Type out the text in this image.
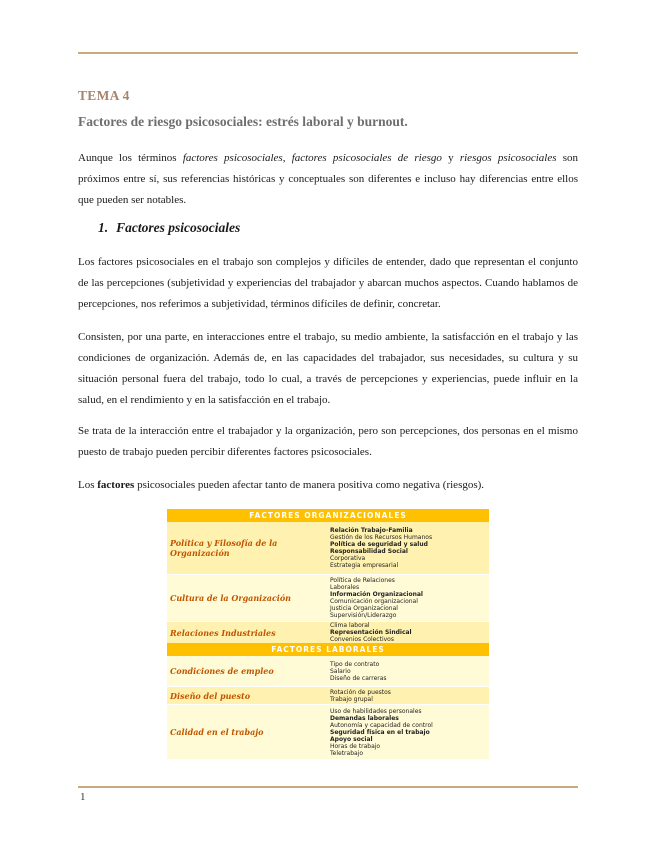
TEMA 4
Factores de riesgo psicosociales: estrés laboral y burnout.

Aunque los términos factores psicosociales, factores psicosociales de riesgo y riesgos psicosociales son próximos entre sí, sus referencias históricas y conceptuales son diferentes e incluso hay diferencias entre ellos que pueden ser notables.

1. Factores psicosociales

Los factores psicosociales en el trabajo son complejos y difíciles de entender, dado que representan el conjunto de las percepciones (subjetividad y experiencias del trabajador y abarcan muchos aspectos. Cuando hablamos de percepciones, nos referimos a subjetividad, términos difíciles de definir, concretar.

Consisten, por una parte, en interacciones entre el trabajo, su medio ambiente, la satisfacción en el trabajo y las condiciones de organización. Además de, en las capacidades del trabajador, sus necesidades, su cultura y su situación personal fuera del trabajo, todo lo cual, a través de percepciones y experiencias, puede influir en la salud, en el rendimiento y en la satisfacción en el trabajo.

Se trata de la interacción entre el trabajador y la organización, pero son percepciones, dos personas en el mismo puesto de trabajo pueden percibir diferentes factores psicosociales.

Los factores psicosociales pueden afectar tanto de manera positiva como negativa (riesgos).

FACTORES ORGANIZACIONALES
Política y Filosofía de la Organización
Relación Trabajo-Familia
Gestión de los Recursos Humanos
Política de seguridad y salud
Responsabilidad Social
Corporativa
Estrategia empresarial
Cultura de la Organización
Política de Relaciones
Laborales
Información Organizacional
Comunicación organizacional
Justicia Organizacional
Supervisión/Liderazgo
Relaciones Industriales
Clima laboral
Representación Sindical
Convenios Colectivos
FACTORES LABORALES
Condiciones de empleo
Tipo de contrato
Salario
Diseño de carreras
Diseño del puesto	Rotación de puestos
Trabajo grupal
Calidad en el trabajo
Uso de habilidades personales
Demandas laborales
Autonomía y capacidad de control
Seguridad física en el trabajo
Apoyo social
Horas de trabajo
Teletrabajo
1
